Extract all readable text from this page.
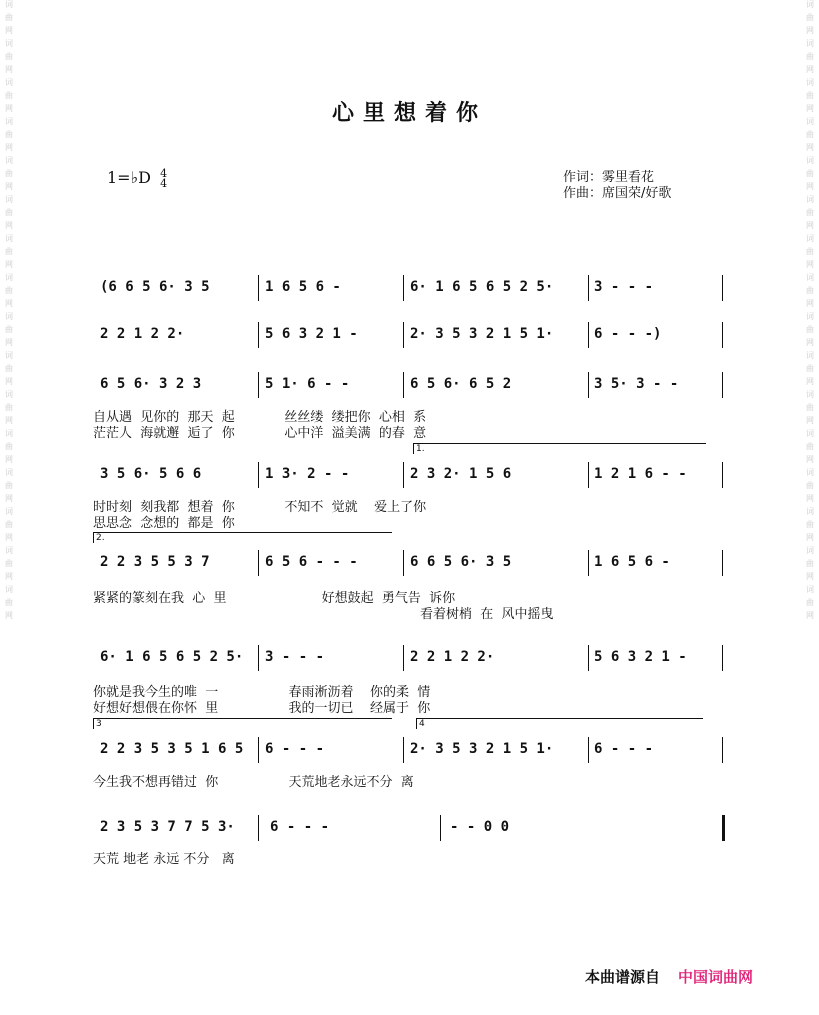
词
曲
网
词
曲
网
词
曲
网
词
曲
网
词
曲
网
词
曲
网
词
曲
网
词
曲
网
词
曲
网
词
曲
网
词
曲
网
词
曲
网
词
曲
网
词
曲
网
词
曲
网
词
曲
网
词
曲
网
词
曲
网
词
曲
网
词
曲
网
词
曲
网
词
曲
网
词
曲
网
词
曲
网
词
曲
网
词
曲
网
词
曲
网
词
曲
网
词
曲
网
词
曲
网
词
曲
网
词
曲
网
心里想着你
1=♭D 4
4	作词：雾里看花
作曲：席国荣/好歌
(6 6 5 6· 3 5	1 6 5 6 -	6· 1 6 5 6 5 2 5·	3 - - -
2 2 1 2 2·	5 6 3 2 1 -	2· 3 5 3 2 1 5 1·	6 - - -)
6 5 6· 3 2 3	5 1· 6 - -	6 5 6· 6 5 2	3 5· 3 - -
3 5 6· 5 6 6	1 3· 2 - -	2 3 2· 1 5 6	1 2 1 6 - -
2 2 3 5 5 3 7	6 5 6 - - -	6 6 5 6· 3 5	1 6 5 6 -
6· 1 6 5 6 5 2 5· 3 - - -	2 2 1 2 2·	5 6 3 2 1 -
2 2 3 5 3 5 1 6 5 6 - - -	2· 3 5 3 2 1 5 1·	6 - - -
2 3 5 3 7 7 5 3·	6 - - -	- - 0 0
自从遇  见你的  那天  起            丝丝缕  缕把你  心相  系
茫茫人  海就邂  逅了  你            心中洋  溢美满  的春  意
时时刻  刻我都  想着  你            不知不  觉就    爱上了你
思思念  念想的  都是  你
紧紧的篆刻在我  心  里                       好想鼓起  勇气告  诉你
看着树梢  在  风中摇曳
你就是我今生的唯  一                 春雨淅沥着    你的柔  情
好想好想偎在你怀  里                 我的一切已    经属于  你
今生我不想再错过  你                 天荒地老永远不分  离
天荒 地老 永远 不分   离
1.
2.
3	4
本曲谱源自 中国词曲网
